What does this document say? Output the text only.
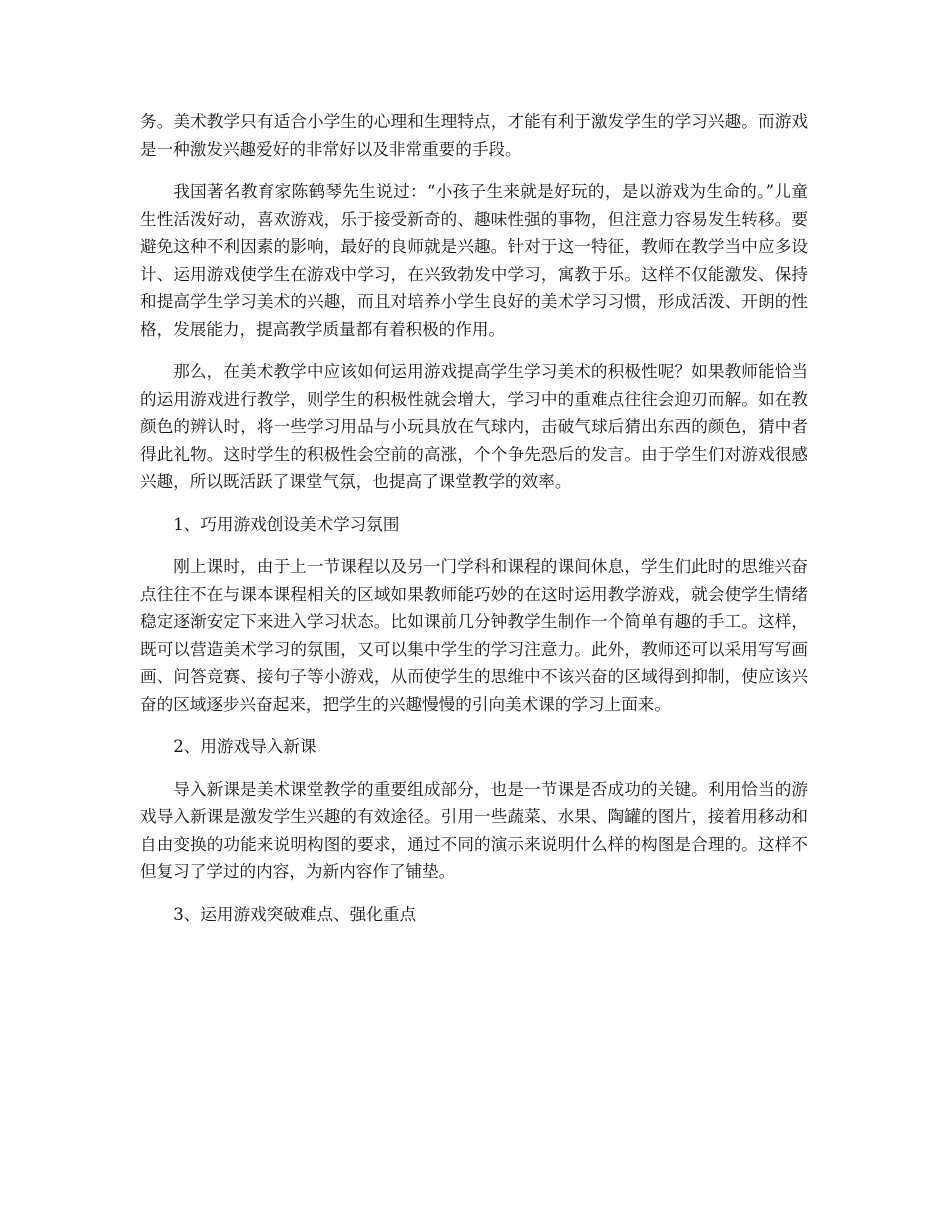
务。美术教学只有适合小学生的心理和生理特点，才能有利于激发学生的学习兴趣。而游戏是一种激发兴趣爱好的非常好以及非常重要的手段。

我国著名教育家陈鹤琴先生说过：“小孩子生来就是好玩的，是以游戏为生命的。”儿童生性活泼好动，喜欢游戏，乐于接受新奇的、趣味性强的事物，但注意力容易发生转移。要避免这种不利因素的影响，最好的良师就是兴趣。针对于这一特征，教师在教学当中应多设计、运用游戏使学生在游戏中学习，在兴致勃发中学习，寓教于乐。这样不仅能激发、保持和提高学生学习美术的兴趣，而且对培养小学生良好的美术学习习惯，形成活泼、开朗的性格，发展能力，提高教学质量都有着积极的作用。

那么，在美术教学中应该如何运用游戏提高学生学习美术的积极性呢？如果教师能恰当的运用游戏进行教学，则学生的积极性就会增大，学习中的重难点往往会迎刃而解。如在教颜色的辨认时，将一些学习用品与小玩具放在气球内，击破气球后猜出东西的颜色，猜中者得此礼物。这时学生的积极性会空前的高涨，个个争先恐后的发言。由于学生们对游戏很感兴趣，所以既活跃了课堂气氛，也提高了课堂教学的效率。

1、巧用游戏创设美术学习氛围

刚上课时，由于上一节课程以及另一门学科和课程的课间休息，学生们此时的思维兴奋点往往不在与课本课程相关的区域如果教师能巧妙的在这时运用教学游戏，就会使学生情绪稳定逐渐安定下来进入学习状态。比如课前几分钟教学生制作一个简单有趣的手工。这样，既可以营造美术学习的氛围，又可以集中学生的学习注意力。此外，教师还可以采用写写画画、问答竞赛、接句子等小游戏，从而使学生的思维中不该兴奋的区域得到抑制，使应该兴奋的区域逐步兴奋起来，把学生的兴趣慢慢的引向美术课的学习上面来。

2、用游戏导入新课

导入新课是美术课堂教学的重要组成部分，也是一节课是否成功的关键。利用恰当的游戏导入新课是激发学生兴趣的有效途径。引用一些蔬菜、水果、陶罐的图片，接着用移动和自由变换的功能来说明构图的要求，通过不同的演示来说明什么样的构图是合理的。这样不但复习了学过的内容，为新内容作了铺垫。

3、运用游戏突破难点、强化重点
